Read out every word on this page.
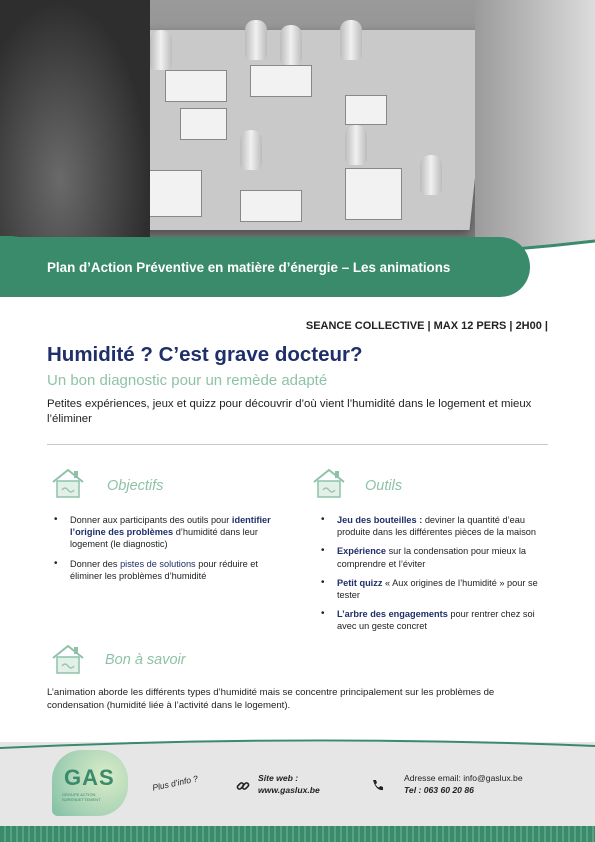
Plan d’Action Préventive en matière d’énergie – Les animations
SEANCE COLLECTIVE | MAX 12 PERS | 2H00 |
Humidité ? C’est grave docteur?
Un bon diagnostic pour un remède adapté
Petites expériences, jeux et quizz pour découvrir d’où vient l’humidité dans le logement et mieux l’éliminer
Objectifs
• Donner aux participants des outils pour identifier l’origine des problèmes d’humidité dans leur logement (le diagnostic)
• Donner des pistes de solutions pour réduire et éliminer les problèmes d’humidité
Outils
• Jeu des bouteilles : deviner la quantité d’eau produite dans les différentes pièces de la maison
• Expérience sur la condensation pour mieux la comprendre et l’éviter
• Petit quizz « Aux origines de l’humidité » pour se tester
• L’arbre des engagements pour rentrer chez soi avec un geste concret
Bon à savoir
L’animation aborde les différents types d’humidité mais se concentre principalement sur les problèmes de condensation (humidité liée à l’activité dans le logement).
GAS
GROUPE ACTION SURENDETTEMENT
Plus d’info ?	Site web :
www.gaslux.be
Adresse email: info@gaslux.be
Tel : 063 60 20 86
